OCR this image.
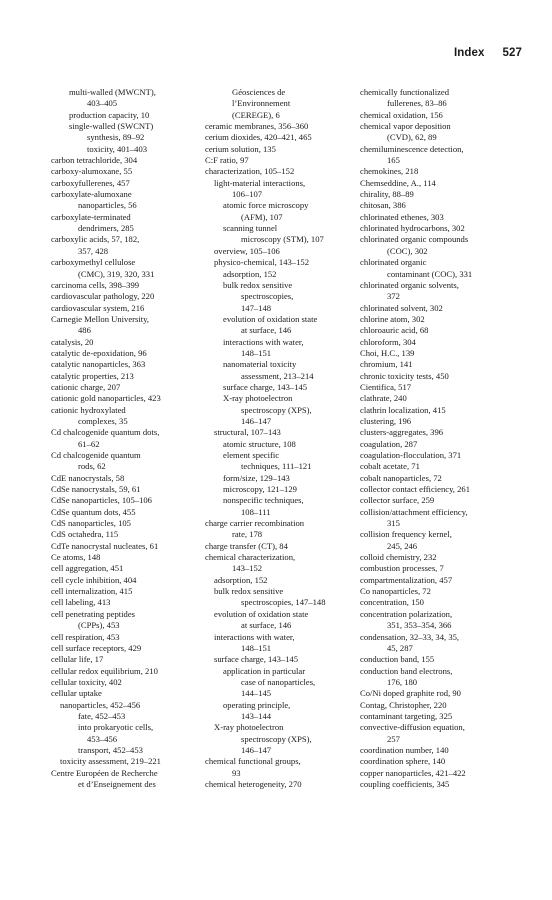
Index 527
multi-walled (MWCNT),
403–405
production capacity, 10
single-walled (SWCNT)
synthesis, 89–92
toxicity, 401–403
carbon tetrachloride, 304
carboxy-alumoxane, 55
carboxyfullerenes, 457
carboxylate-alumoxane
nanoparticles, 56
carboxylate-terminated
dendrimers, 285
carboxylic acids, 57, 182,
357, 428
carboxymethyl cellulose
(CMC), 319, 320, 331
carcinoma cells, 398–399
cardiovascular pathology, 220
cardiovascular system, 216
Carnegie Mellon University,
486
catalysis, 20
catalytic de-epoxidation, 96
catalytic nanoparticles, 363
catalytic properties, 213
cationic charge, 207
cationic gold nanoparticles, 423
cationic hydroxylated
complexes, 35
Cd chalcogenide quantum dots,
61–62
Cd chalcogenide quantum
rods, 62
CdE nanocrystals, 58
CdSe nanocrystals, 59, 61
CdSe nanoparticles, 105–106
CdSe quantum dots, 455
CdS nanoparticles, 105
CdS octahedra, 115
CdTe nanocrystal nucleates, 61
Ce atoms, 148
cell aggregation, 451
cell cycle inhibition, 404
cell internalization, 415
cell labeling, 413
cell penetrating peptides
(CPPs), 453
cell respiration, 453
cell surface receptors, 429
cellular life, 17
cellular redox equilibrium, 210
cellular toxicity, 402
cellular uptake
nanoparticles, 452–456
fate, 452–453
into prokaryotic cells,
453–456
transport, 452–453
toxicity assessment, 219–221
Centre Européen de Recherche
et d’Enseignement des
Géosciences de
l’Environnement
(CEREGE), 6
ceramic membranes, 356–360
cerium dioxides, 420–421, 465
cerium solution, 135
C:F ratio, 97
characterization, 105–152
light-material interactions,
106–107
atomic force microscopy
(AFM), 107
scanning tunnel
microscopy (STM), 107
overview, 105–106
physico-chemical, 143–152
adsorption, 152
bulk redox sensitive
spectroscopies,
147–148
evolution of oxidation state
at surface, 146
interactions with water,
148–151
nanomaterial toxicity
assessment, 213–214
surface charge, 143–145
X-ray photoelectron
spectroscopy (XPS),
146–147
structural, 107–143
atomic structure, 108
element specific
techniques, 111–121
form/size, 129–143
microscopy, 121–129
nonspecific techniques,
108–111
charge carrier recombination
rate, 178
charge transfer (CT), 84
chemical characterization,
143–152
adsorption, 152
bulk redox sensitive
spectroscopies, 147–148
evolution of oxidation state
at surface, 146
interactions with water,
148–151
surface charge, 143–145
application in particular
case of nanoparticles,
144–145
operating principle,
143–144
X-ray photoelectron
spectroscopy (XPS),
146–147
chemical functional groups,
93
chemical heterogeneity, 270
chemically functionalized
fullerenes, 83–86
chemical oxidation, 156
chemical vapor deposition
(CVD), 62, 89
chemiluminescence detection,
165
chemokines, 218
Chemseddine, A., 114
chirality, 88–89
chitosan, 386
chlorinated ethenes, 303
chlorinated hydrocarbons, 302
chlorinated organic compounds
(COC), 302
chlorinated organic
contaminant (COC), 331
chlorinated organic solvents,
372
chlorinated solvent, 302
chlorine atom, 302
chloroauric acid, 68
chloroform, 304
Choi, H.C., 139
chromium, 141
chronic toxicity tests, 450
Cientifica, 517
clathrate, 240
clathrin localization, 415
clustering, 196
clusters-aggregates, 396
coagulation, 287
coagulation-flocculation, 371
cobalt acetate, 71
cobalt nanoparticles, 72
collector contact efficiency, 261
collector surface, 259
collision/attachment efficiency,
315
collision frequency kernel,
245, 246
colloid chemistry, 232
combustion processes, 7
compartmentalization, 457
Co nanoparticles, 72
concentration, 150
concentration polarization,
351, 353–354, 366
condensation, 32–33, 34, 35,
45, 287
conduction band, 155
conduction band electrons,
176, 180
Co/Ni doped graphite rod, 90
Contag, Christopher, 220
contaminant targeting, 325
convective-diffusion equation,
257
coordination number, 140
coordination sphere, 140
copper nanoparticles, 421–422
coupling coefficients, 345
